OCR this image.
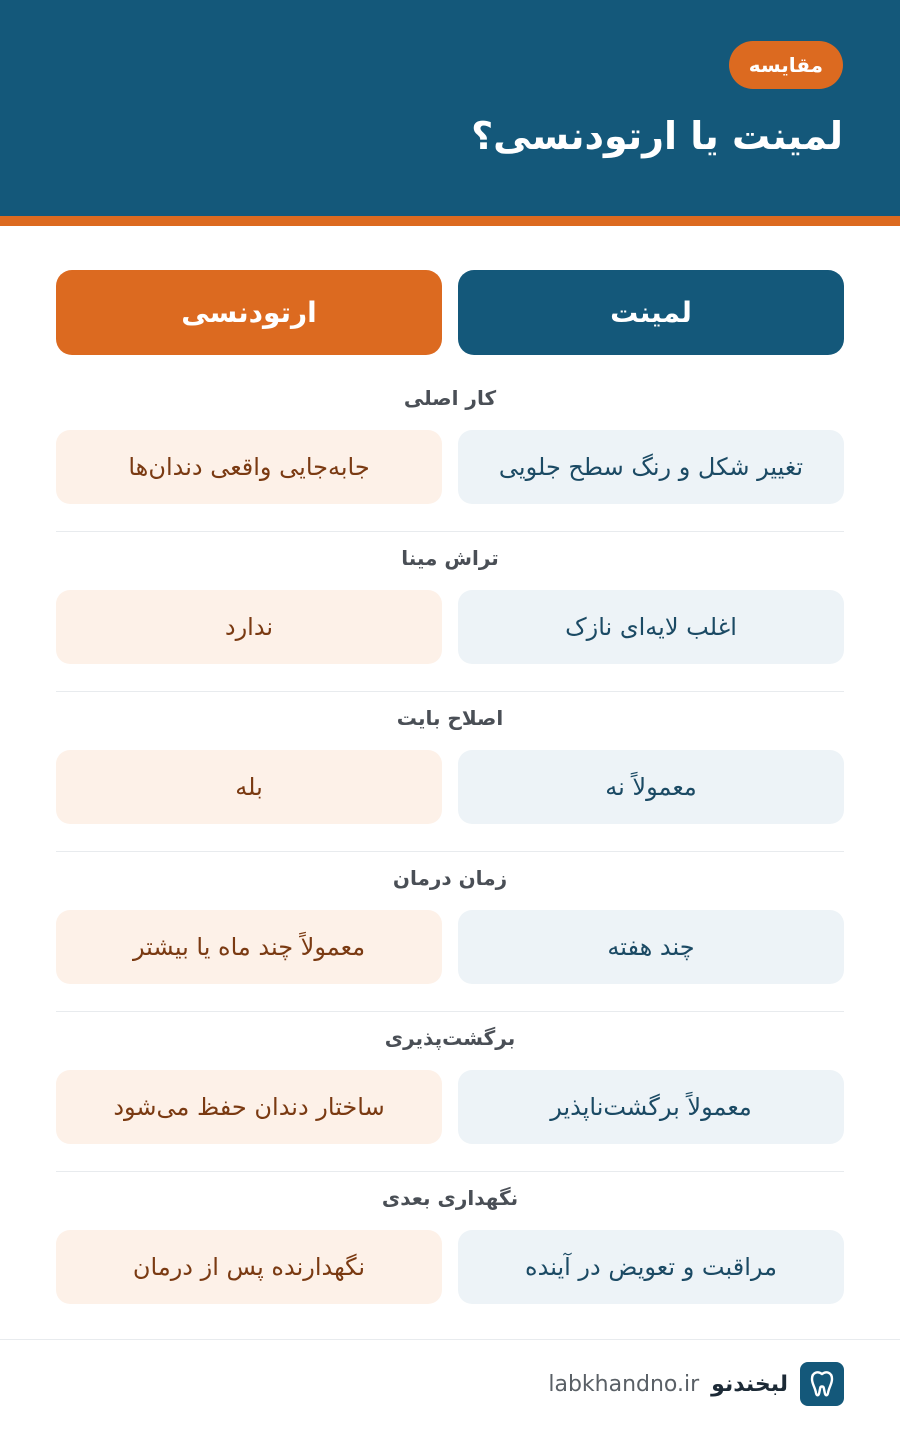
مقایسه
لمینت یا ارتودنسی؟
لمینت
ارتودنسی
کار اصلی
تغییر شکل و رنگ سطح جلویی
جابه‌جایی واقعی دندان‌ها
تراش مینا
اغلب لایه‌ای نازک
ندارد
اصلاح بایت
معمولاً نه
بله
زمان درمان
چند هفته
معمولاً چند ماه یا بیشتر
برگشت‌پذیری
معمولاً برگشت‌ناپذیر
ساختار دندان حفظ می‌شود
نگهداری بعدی
مراقبت و تعویض در آینده
نگهدارنده پس از درمان
لبخندنو
labkhandno.ir
